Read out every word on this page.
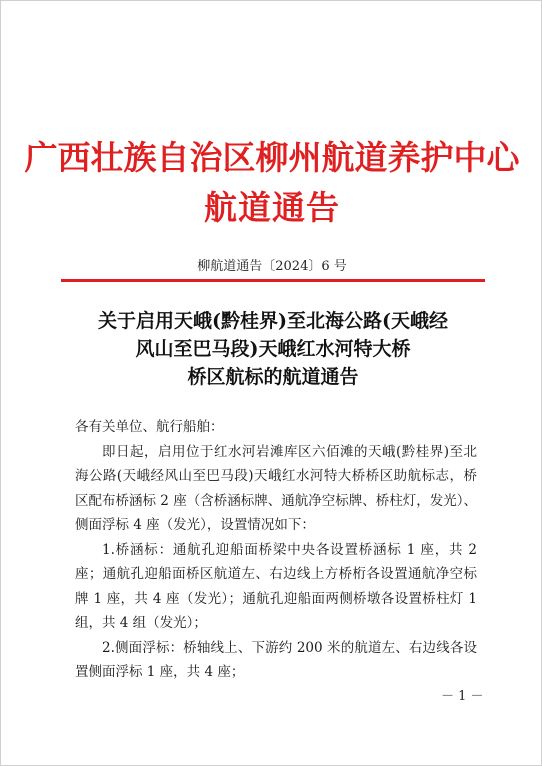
广西壮族自治区柳州航道养护中心
航道通告
柳航道通告〔2024〕6 号
关于启用天峨(黔桂界)至北海公路(天峨经
风山至巴马段)天峨红水河特大桥
桥区航标的航道通告

各有关单位、航行船舶：

即日起，启用位于红水河岩滩库区六佰滩的天峨(黔桂界)至北海公路(天峨经风山至巴马段)天峨红水河特大桥桥区助航标志，桥区配布桥涵标 2 座（含桥涵标牌、通航净空标牌、桥柱灯，发光）、侧面浮标 4 座（发光），设置情况如下：

1.桥涵标：通航孔迎船面桥梁中央各设置桥涵标 1 座，共 2 座；通航孔迎船面桥区航道左、右边线上方桥桁各设置通航净空标牌 1 座，共 4 座（发光）；通航孔迎船面两侧桥墩各设置桥柱灯 1 组，共 4 组（发光）；

2.侧面浮标：桥轴线上、下游约 200 米的航道左、右边线各设置侧面浮标 1 座，共 4 座；

－ 1 －
